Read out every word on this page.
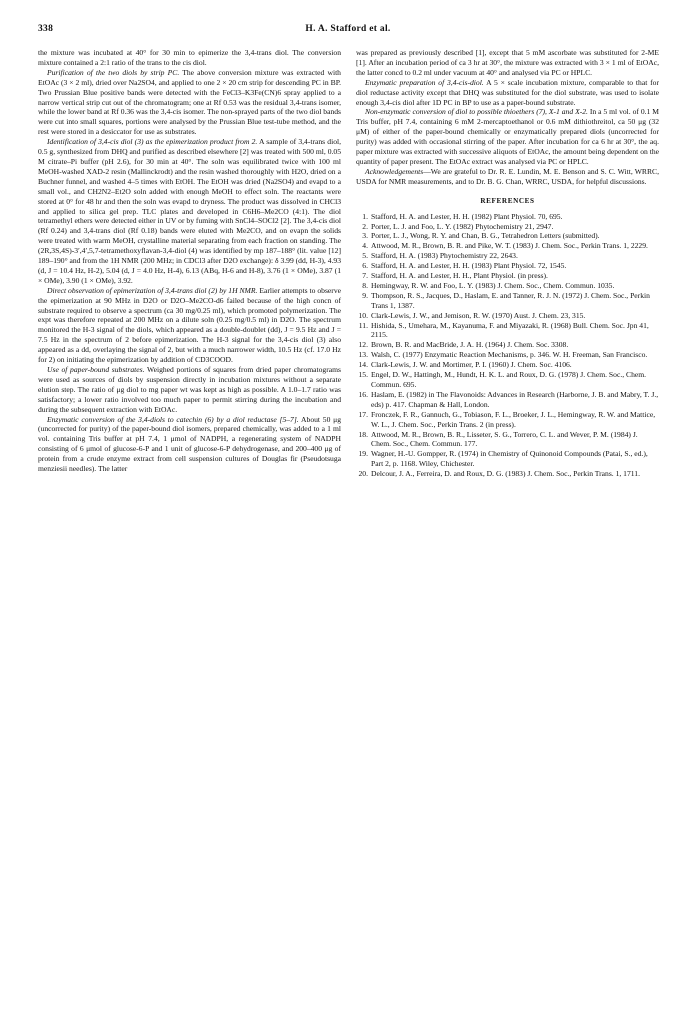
338	H. A. Stafford et al.

the mixture was incubated at 40° for 30 min to epimerize the 3,4-trans diol. The conversion mixture contained a 2:1 ratio of the trans to the cis diol.

Purification of the two diols by strip PC. The above conversion mixture was extracted with EtOAc (3 × 2 ml), dried over Na2SO4, and applied to one 2 × 20 cm strip for descending PC in BP. Two Prussian Blue positive bands were detected with the FeCl3–K3Fe(CN)6 spray applied to a narrow vertical strip cut out of the chromatogram; one at Rf 0.53 was the residual 3,4-trans isomer, while the lower band at Rf 0.36 was the 3,4-cis isomer. The non-sprayed parts of the two diol bands were cut into small squares, portions were analysed by the Prussian Blue test-tube method, and the rest were stored in a desiccator for use as substrates.

Identification of 3,4-cis diol (3) as the epimerization product from 2. A sample of 3,4-trans diol, 0.5 g, synthesized from DHQ and purified as described elsewhere [2] was treated with 500 ml, 0.05 M citrate–Pi buffer (pH 2.6), for 30 min at 40°. The soln was equilibrated twice with 100 ml MeOH-washed XAD-2 resin (Mallinckrodt) and the resin washed thoroughly with H2O, dried on a Buchner funnel, and washed 4–5 times with EtOH. The EtOH was dried (Na2SO4) and evapd to a small vol., and CH2N2–Et2O soln added with enough MeOH to effect soln. The reactants were stored at 0° for 48 hr and then the soln was evapd to dryness. The product was dissolved in CHCl3 and applied to silica gel prep. TLC plates and developed in C6H6–Me2CO (4:1). The diol tetramethyl ethers were detected either in UV or by fuming with SnCl4–SOCl2 [2]. The 3,4-cis diol (Rf 0.24) and 3,4-trans diol (Rf 0.18) bands were eluted with Me2CO, and on evapn the solids were treated with warm MeOH, crystalline material separating from each fraction on standing. The (2R,3S,4S)-3′,4′,5,7-tetramethoxyflavan-3,4-diol (4) was identified by mp 187–188° (lit. value [12] 189–190° and from the 1H NMR (200 MHz; in CDCl3 after D2O exchange): δ 3.99 (dd, H-3), 4.93 (d, J = 10.4 Hz, H-2), 5.04 (d, J = 4.0 Hz, H-4), 6.13 (ABq, H-6 and H-8), 3.76 (1 × OMe), 3.87 (1 × OMe), 3.90 (1 × OMe), 3.92.

Direct observation of epimerization of 3,4-trans diol (2) by 1H NMR. Earlier attempts to observe the epimerization at 90 MHz in D2O or D2O–Me2CO-d6 failed because of the high concn of substrate required to observe a spectrum (ca 30 mg/0.25 ml), which promoted polymerization. The expt was therefore repeated at 200 MHz on a dilute soln (0.25 mg/0.5 ml) in D2O. The spectrum monitored the H-3 signal of the diols, which appeared as a double-doublet (dd), J = 9.5 Hz and J = 7.5 Hz in the spectrum of 2 before epimerization. The H-3 signal for the 3,4-cis diol (3) also appeared as a dd, overlaying the signal of 2, but with a much narrower width, 10.5 Hz (cf. 17.0 Hz for 2) on initiating the epimerization by addition of CD3COOD.

Use of paper-bound substrates. Weighed portions of squares from dried paper chromatograms were used as sources of diols by suspension directly in incubation mixtures without a separate elution step. The ratio of μg diol to mg paper wt was kept as high as possible. A 1.0–1.7 ratio was satisfactory; a lower ratio involved too much paper to permit stirring during the incubation and during the subsequent extraction with EtOAc.

Enzymatic conversion of the 3,4-diols to catechin (6) by a diol reductase [5–7]. About 50 μg (uncorrected for purity) of the paper-bound diol isomers, prepared chemically, was added to a 1 ml vol. containing Tris buffer at pH 7.4, 1 μmol of NADPH, a regenerating system of NADPH consisting of 6 μmol of glucose-6-P and 1 unit of glucose-6-P dehydrogenase, and 200–400 μg of protein from a crude enzyme extract from cell suspension cultures of Douglas fir (Pseudotsuga menziesii needles). The latter

was prepared as previously described [1], except that 5 mM ascorbate was substituted for 2-ME [1]. After an incubation period of ca 3 hr at 30°, the mixture was extracted with 3 × 1 ml of EtOAc, the latter concd to 0.2 ml under vacuum at 40° and analysed via PC or HPLC.

Enzymatic preparation of 3,4-cis-diol. A 5 × scale incubation mixture, comparable to that for diol reductase activity except that DHQ was substituted for the diol substrate, was used to isolate enough 3,4-cis diol after 1D PC in BP to use as a paper-bound substrate.

Non-enzymatic conversion of diol to possible thioethers (7), X-1 and X-2. In a 5 ml vol. of 0.1 M Tris buffer, pH 7.4, containing 6 mM 2-mercaptoethanol or 0.6 mM dithiothreitol, ca 50 μg (32 μM) of either of the paper-bound chemically or enzymatically prepared diols (uncorrected for purity) was added with occasional stirring of the paper. After incubation for ca 6 hr at 30°, the aq. paper mixture was extracted with successive aliquots of EtOAc, the amount being dependent on the quantity of paper present. The EtOAc extract was analysed via PC or HPLC.

Acknowledgements—We are grateful to Dr. R. E. Lundin, M. E. Benson and S. C. Witt, WRRC, USDA for NMR measurements, and to Dr. B. G. Chan, WRRC, USDA, for helpful discussions.

REFERENCES
1. Stafford, H. A. and Lester, H. H. (1982) Plant Physiol. 70, 695.
2. Porter, L. J. and Foo, L. Y. (1982) Phytochemistry 21, 2947.
3. Porter, L. J., Wong, R. Y. and Chan, B. G., Tetrahedron Letters (submitted).
4. Attwood, M. R., Brown, B. R. and Pike, W. T. (1983) J. Chem. Soc., Perkin Trans. 1, 2229.
5. Stafford, H. A. (1983) Phytochemistry 22, 2643.
6. Stafford, H. A. and Lester, H. H. (1983) Plant Physiol. 72, 1545.
7. Stafford, H. A. and Lester, H. H., Plant Physiol. (in press).
8. Hemingway, R. W. and Foo, L. Y. (1983) J. Chem. Soc., Chem. Commun. 1035.
9. Thompson, R. S., Jacques, D., Haslam, E. and Tanner, R. J. N. (1972) J. Chem. Soc., Perkin Trans 1, 1387.
10. Clark-Lewis, J. W., and Jemison, R. W. (1970) Aust. J. Chem. 23, 315.
11. Hishida, S., Umehara, M., Kayanuma, F. and Miyazaki, R. (1968) Bull. Chem. Soc. Jpn 41, 2115.
12. Brown, B. R. and MacBride, J. A. H. (1964) J. Chem. Soc. 3308.
13. Walsh, C. (1977) Enzymatic Reaction Mechanisms, p. 346. W. H. Freeman, San Francisco.
14. Clark-Lewis, J. W. and Mortimer, P. I. (1960) J. Chem. Soc. 4106.
15. Engel, D. W., Hattingh, M., Hundt, H. K. L. and Roux, D. G. (1978) J. Chem. Soc., Chem. Commun. 695.
16. Haslam, E. (1982) in The Flavonoids: Advances in Research (Harborne, J. B. and Mabry, T. J., eds) p. 417. Chapman & Hall, London.
17. Fronczek, F. R., Gannuch, G., Tobiason, F. L., Broeker, J. L., Hemingway, R. W. and Mattice, W. L., J. Chem. Soc., Perkin Trans. 2 (in press).
18. Attwood, M. R., Brown, B. R., Lisseter, S. G., Torrero, C. L. and Wever, P. M. (1984) J. Chem. Soc., Chem. Commun. 177.
19. Wagner, H.-U. Gompper, R. (1974) in Chemistry of Quinonoid Compounds (Patai, S., ed.), Part 2, p. 1168. Wiley, Chichester.
20. Delcour, J. A., Ferreira, D. and Roux, D. G. (1983) J. Chem. Soc., Perkin Trans. 1, 1711.
